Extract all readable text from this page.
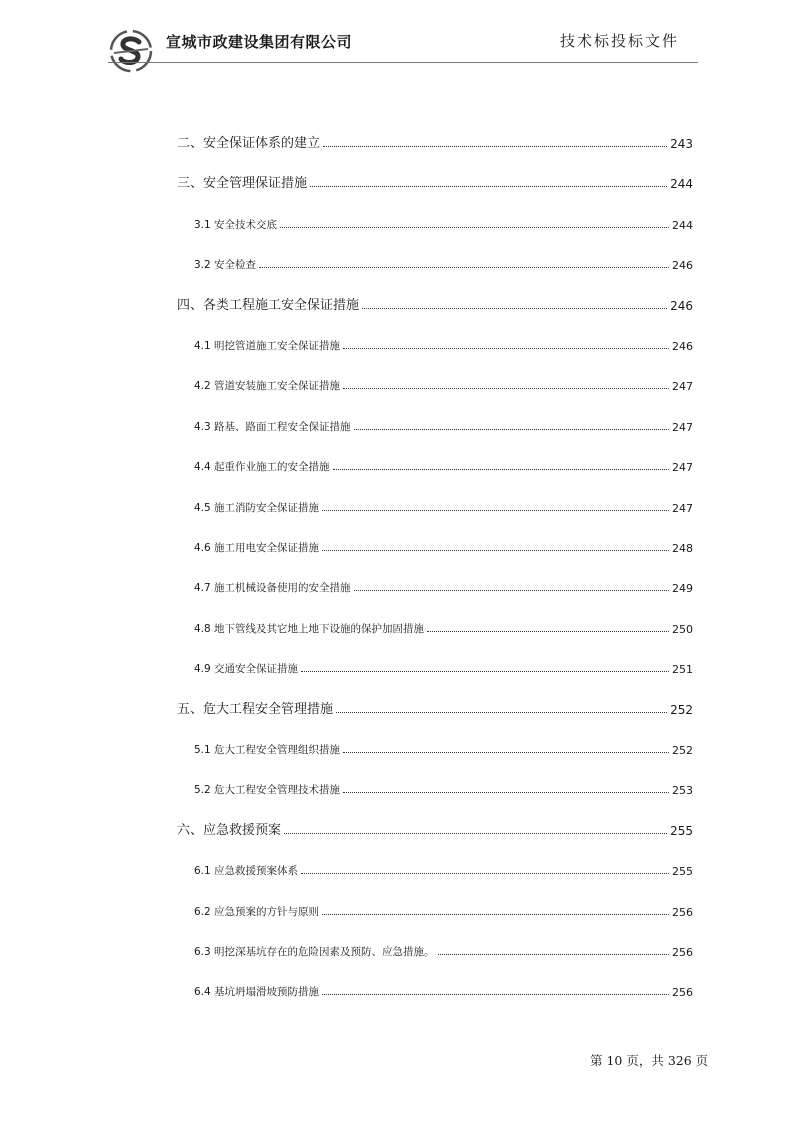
宣城市政建设集团有限公司	技术标投标文件
二、安全保证体系的建立	243
三、安全管理保证措施	244
3.1 安全技术交底	244
3.2 安全检查	246
四、各类工程施工安全保证措施	246
4.1 明挖管道施工安全保证措施	246
4.2 管道安装施工安全保证措施	247
4.3 路基、路面工程安全保证措施	247
4.4 起重作业施工的安全措施	247
4.5 施工消防安全保证措施	247
4.6 施工用电安全保证措施	248
4.7 施工机械设备使用的安全措施	249
4.8 地下管线及其它地上地下设施的保护加固措施	250
4.9 交通安全保证措施	251
五、危大工程安全管理措施	252
5.1 危大工程安全管理组织措施	252
5.2 危大工程安全管理技术措施	253
六、应急救援预案	255
6.1 应急救援预案体系	255
6.2 应急预案的方针与原则	256
6.3 明挖深基坑存在的危险因素及预防、应急措施。	256
6.4 基坑坍塌滑坡预防措施	256
第 10 页，共 326 页
